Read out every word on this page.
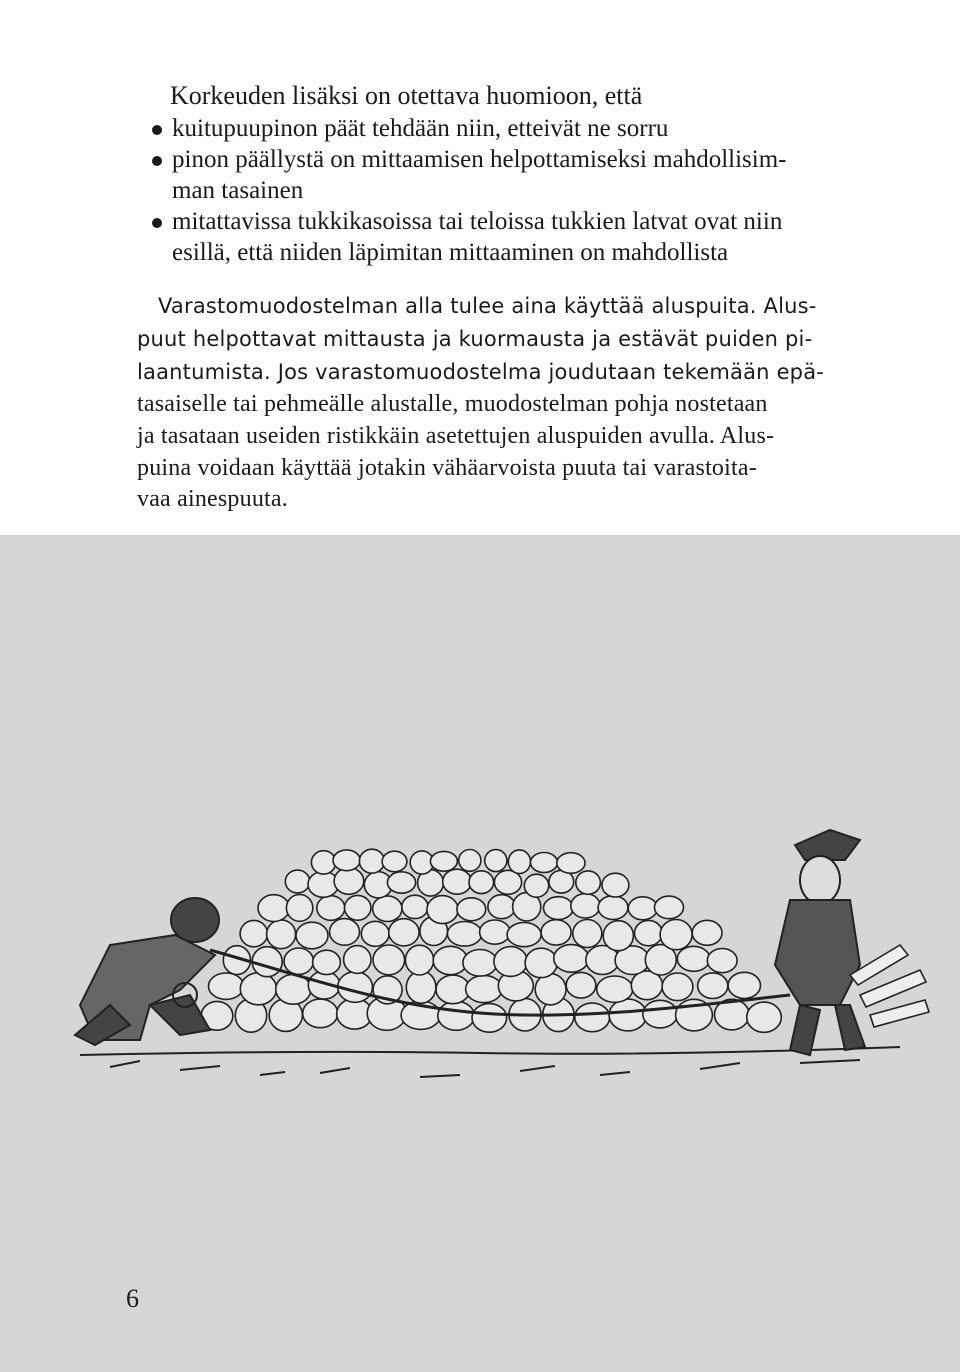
Korkeuden lisäksi on otettava huomioon, että
kuitupuupinon päät tehdään niin, etteivät ne sorru
pinon päällystä on mittaamisen helpottamiseksi mahdollisim-
man tasainen
mitattavissa tukkikasoissa tai teloissa tukkien latvat ovat niin
esillä, että niiden läpimitan mittaaminen on mahdollista
Varastomuodostelman alla tulee aina käyttää aluspuita. Alus-
puut helpottavat mittausta ja kuormausta ja estävät puiden pi-
laantumista. Jos varastomuodostelma joudutaan tekemään epä-
tasaiselle tai pehmeälle alustalle, muodostelman pohja nostetaan
ja tasataan useiden ristikkäin asetettujen aluspuiden avulla. Alus-
puina voidaan käyttää jotakin vähäarvoista puuta tai varastoita-
vaa ainespuuta.
6
